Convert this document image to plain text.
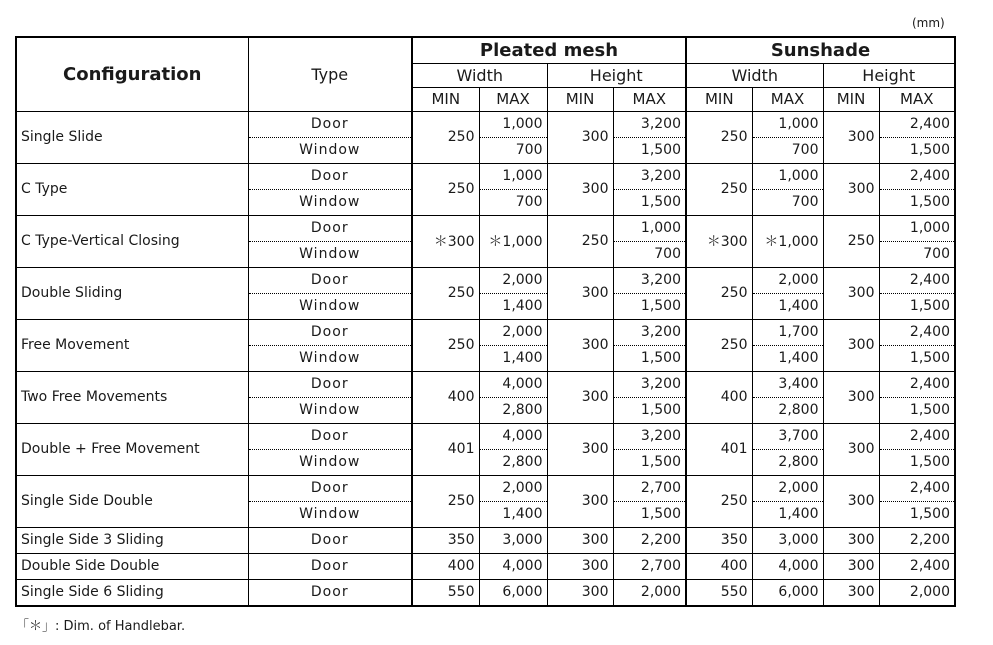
(mm)
Configuration	Type	Pleated mesh				Sunshade			
		Width		Height		Width		Height	
		MIN	MAX	MIN	MAX	MIN	MAX	MIN	MAX
Single Slide	Door	250	1,000	300	3,200	250	1,000	300	2,400
	Window		700		1,500		700		1,500
C Type	Door	250	1,000	300	3,200	250	1,000	300	2,400
	Window		700		1,500		700		1,500
C Type-Vertical Closing	Door	＊300	＊1,000	250	1,000	＊300	＊1,000	250	1,000
	Window				700				700
Double Sliding	Door	250	2,000	300	3,200	250	2,000	300	2,400
	Window		1,400		1,500		1,400		1,500
Free Movement	Door	250	2,000	300	3,200	250	1,700	300	2,400
	Window		1,400		1,500		1,400		1,500
Two Free Movements	Door	400	4,000	300	3,200	400	3,400	300	2,400
	Window		2,800		1,500		2,800		1,500
Double + Free Movement	Door	401	4,000	300	3,200	401	3,700	300	2,400
	Window		2,800		1,500		2,800		1,500
Single Side Double	Door	250	2,000	300	2,700	250	2,000	300	2,400
	Window		1,400		1,500		1,400		1,500
Single Side 3 Sliding	Door	350	3,000	300	2,200	350	3,000	300	2,200
Double Side Double	Door	400	4,000	300	2,700	400	4,000	300	2,400
Single Side 6 Sliding	Door	550	6,000	300	2,000	550	6,000	300	2,000
「＊」: Dim. of Handlebar.
